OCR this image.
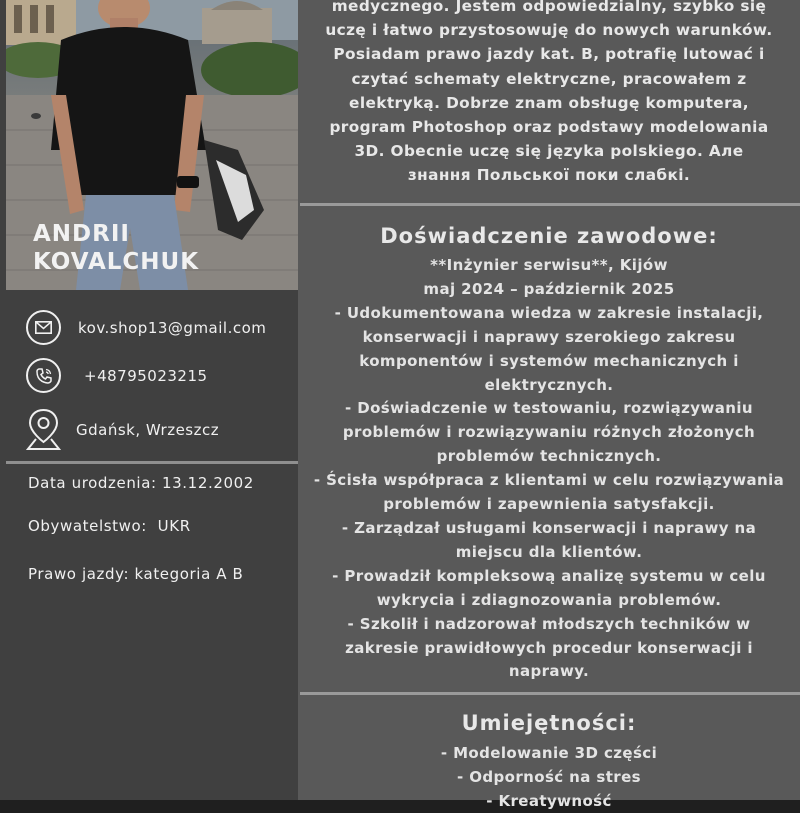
ANDRII
KOVALCHUK
kov.shop13@gmail.com
+48795023215
Gdańsk, Wrzeszcz
Data urodzenia: 13.12.2002
Obywatelstwo:  UKR
Prawo jazdy: kategoria A B
medycznego. Jestem odpowiedzialny, szybko się
uczę i łatwo przystosowuję do nowych warunków.
Posiadam prawo jazdy kat. B, potrafię lutować i
czytać schematy elektryczne, pracowałem z
elektryką. Dobrze znam obsługę komputera,
program Photoshop oraz podstawy modelowania
3D. Obecnie uczę się języka polskiego. Але
знання Польської поки слабкі.
Doświadczenie zawodowe:

**Inżynier serwisu**, Kijów

maj 2024 – październik 2025

- Udokumentowana wiedza w zakresie instalacji,

konserwacji i naprawy szerokiego zakresu

komponentów i systemów mechanicznych i

elektrycznych.

- Doświadczenie w testowaniu, rozwiązywaniu

problemów i rozwiązywaniu różnych złożonych

problemów technicznych.

- Ścisła współpraca z klientami w celu rozwiązywania

problemów i zapewnienia satysfakcji.

- Zarządzał usługami konserwacji i naprawy na

miejscu dla klientów.

- Prowadził kompleksową analizę systemu w celu

wykrycia i zdiagnozowania problemów.

- Szkolił i nadzorował młodszych techników w

zakresie prawidłowych procedur konserwacji i

naprawy.

Umiejętności:

- Modelowanie 3D części

- Odporność na stres

- Kreatywność
